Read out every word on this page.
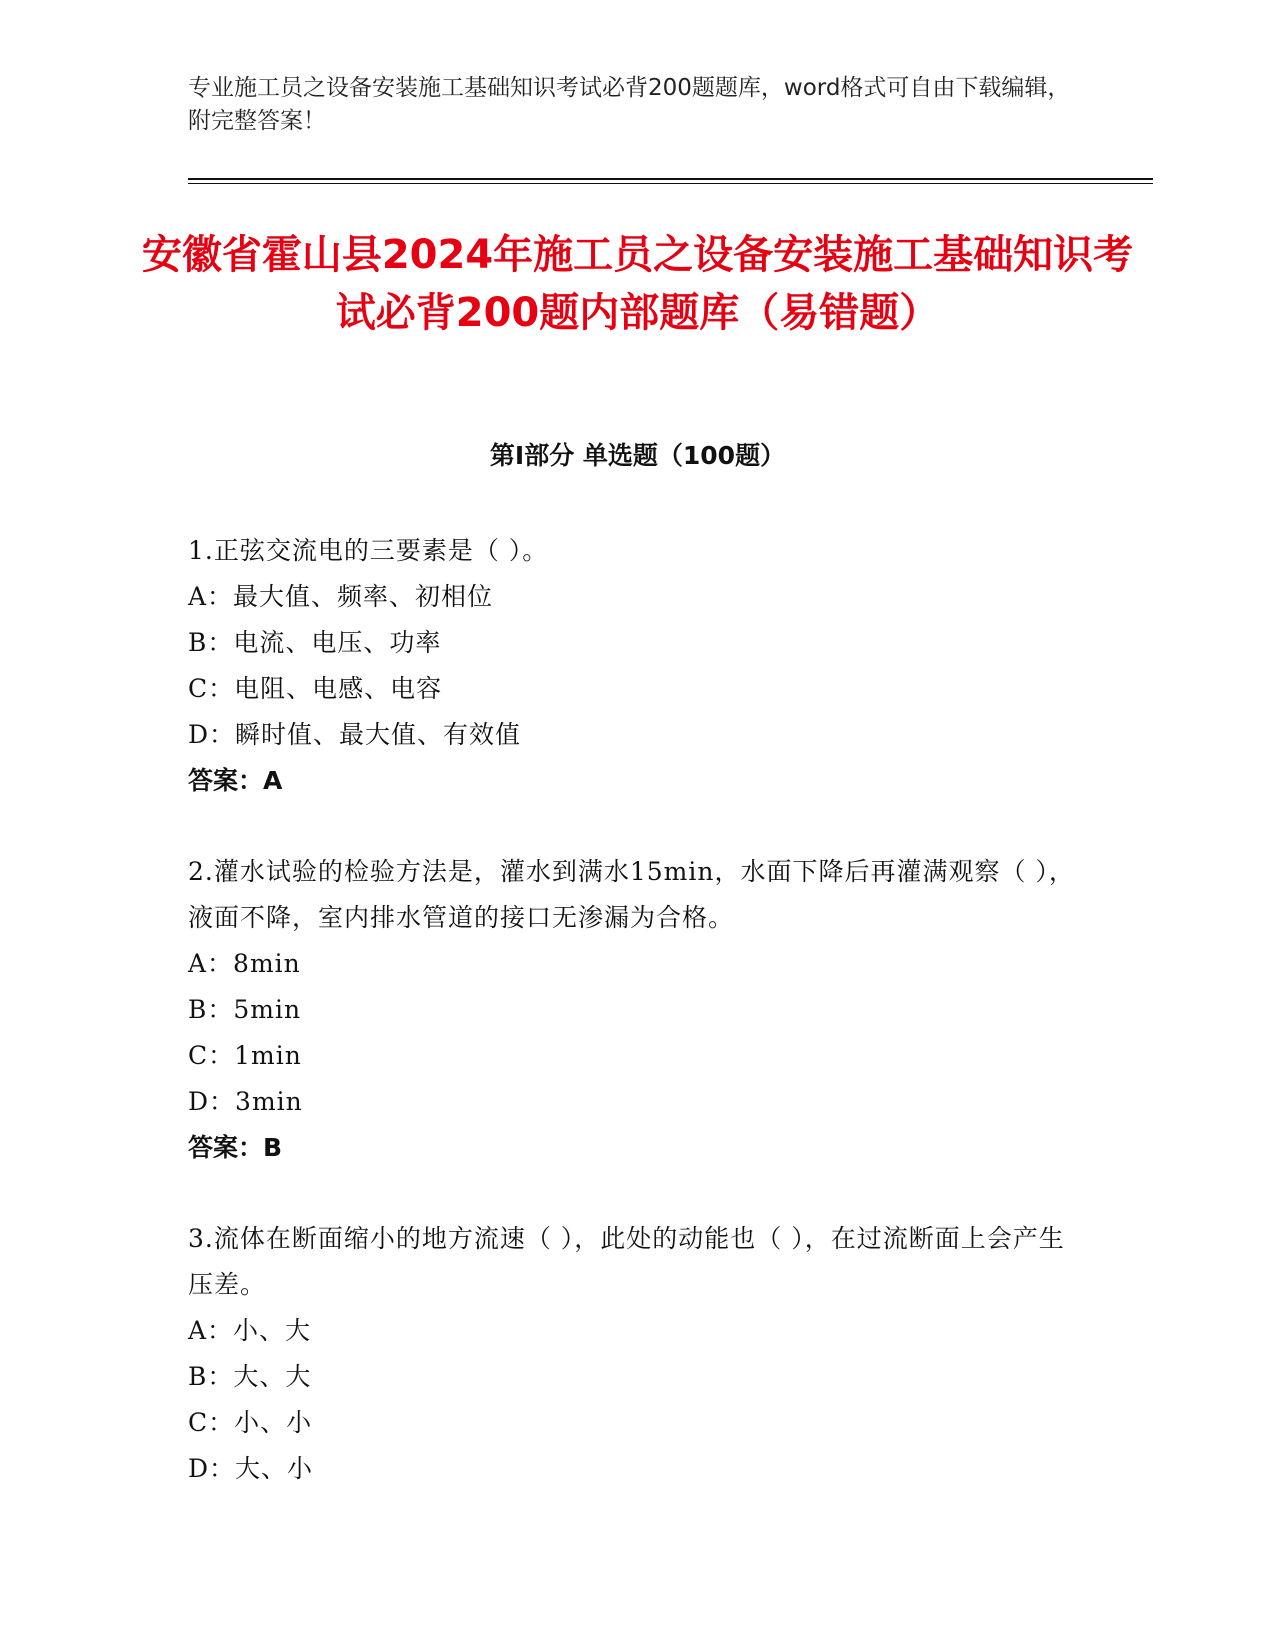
专业施工员之设备安装施工基础知识考试必背200题题库，word格式可自由下载编辑，附完整答案！
安徽省霍山县2024年施工员之设备安装施工基础知识考试必背200题内部题库（易错题）
第Ⅰ部分 单选题（100题）
1.正弦交流电的三要素是（ ）。
A：最大值、频率、初相位
B：电流、电压、功率
C：电阻、电感、电容
D：瞬时值、最大值、有效值
答案：A
2.灌水试验的检验方法是，灌水到满水15min，水面下降后再灌满观察（ ），液面不降，室内排水管道的接口无渗漏为合格。
A：8min
B：5min
C：1min
D：3min
答案：B
3.流体在断面缩小的地方流速（ ），此处的动能也（ ），在过流断面上会产生压差。
A：小、大
B：大、大
C：小、小
D：大、小
